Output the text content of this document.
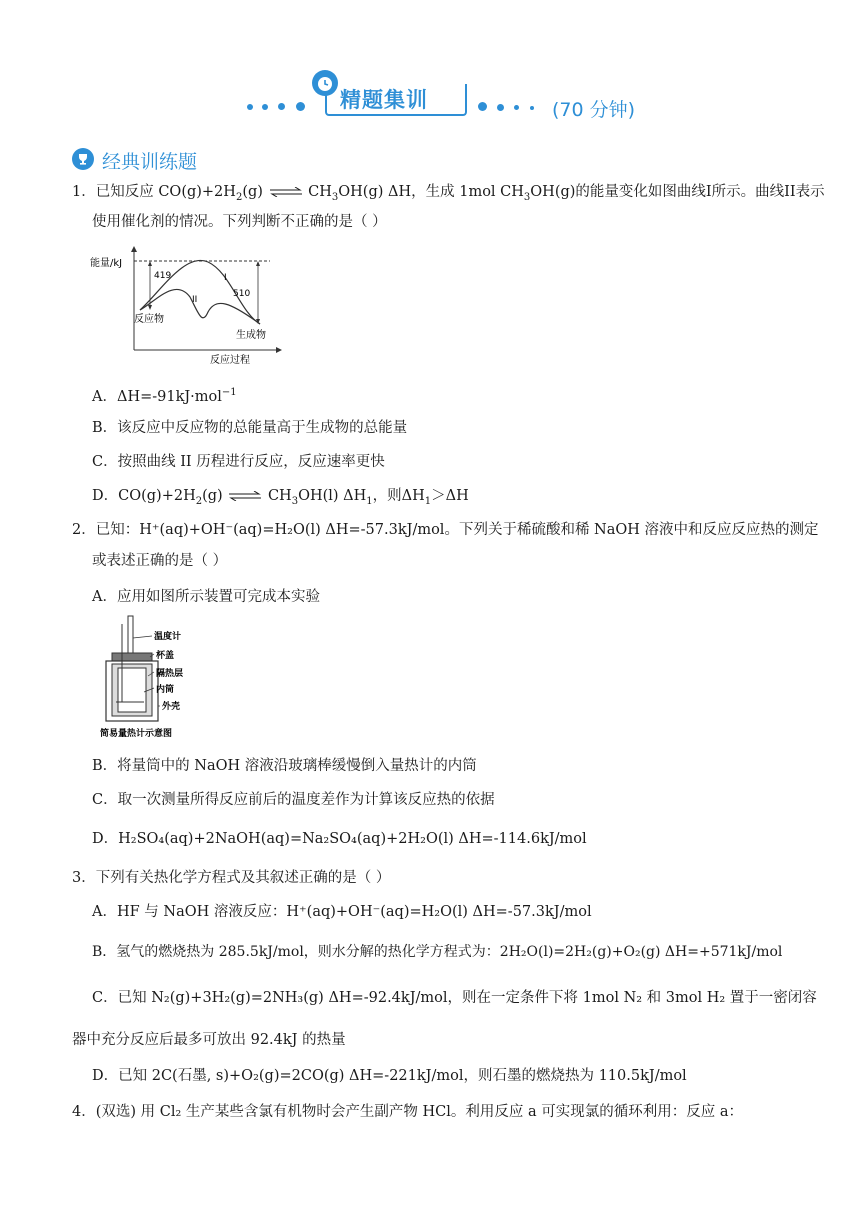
精题集训	(70 分钟)
经典训练题
1．已知反应 $CO(g)+2H_2(g)$ ⇌ $CH_3OH(g)$ ΔH，生成 1mol $CH_3OH(g)$的能量变化如图曲线I所示。曲线II表示
使用催化剂的情况。下列判断不正确的是（ ）
能量/kJ
419
510
I
II
反应物
生成物
反应过程
A．ΔH=-91kJ·mol$^{-1}$
B．该反应中反应物的总能量高于生成物的总能量
C．按照曲线 II 历程进行反应，反应速率更快
D．$CO(g)+2H_2(g)$ ⇌ $CH_3OH(l)$ $\Delta H_1$，则$\Delta H_1>\Delta H$
2．已知：H⁺(aq)+OH⁻(aq)=H₂O(l) ΔH=-57.3kJ/mol。下列关于稀硫酸和稀 NaOH 溶液中和反应反应热的测定
或表述正确的是（ ）
A．应用如图所示装置可完成本实验
温度计
杯盖
隔热层
内筒
外壳
简易量热计示意图
B．将量筒中的 NaOH 溶液沿玻璃棒缓慢倒入量热计的内筒
C．取一次测量所得反应前后的温度差作为计算该反应热的依据
D．H₂SO₄(aq)+2NaOH(aq)=Na₂SO₄(aq)+2H₂O(l) ΔH=-114.6kJ/mol
3．下列有关热化学方程式及其叙述正确的是（ ）
A．HF 与 NaOH 溶液反应：H⁺(aq)+OH⁻(aq)=H₂O(l) ΔH=-57.3kJ/mol
B．氢气的燃烧热为 285.5kJ/mol，则水分解的热化学方程式为：2H₂O(l)=2H₂(g)+O₂(g) ΔH=+571kJ/mol
C．已知 N₂(g)+3H₂(g)=2NH₃(g) ΔH=-92.4kJ/mol，则在一定条件下将 1mol N₂ 和 3mol H₂ 置于一密闭容
器中充分反应后最多可放出 92.4kJ 的热量
D．已知 2C(石墨, s)+O₂(g)=2CO(g) ΔH=-221kJ/mol，则石墨的燃烧热为 110.5kJ/mol
4．(双选) 用 Cl₂ 生产某些含氯有机物时会产生副产物 HCl。利用反应 a 可实现氯的循环利用：反应 a：
